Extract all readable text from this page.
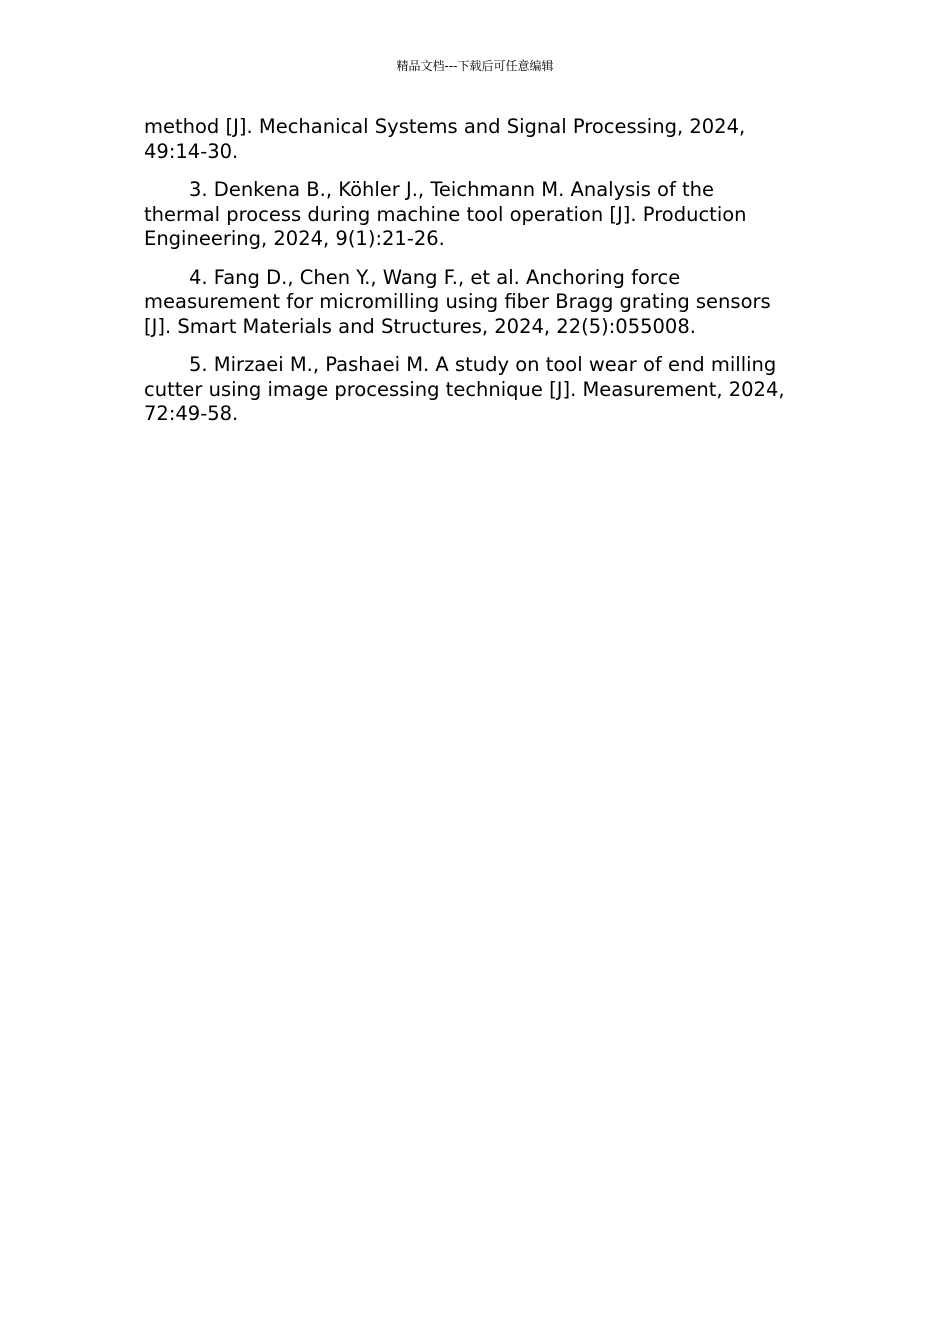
精品文档---下载后可任意编辑

method [J]. Mechanical Systems and Signal Processing, 2024, 49:14-30.

3. Denkena B., Köhler J., Teichmann M. Analysis of the thermal process during machine tool operation [J]. Production Engineering, 2024, 9(1):21-26.

4. Fang D., Chen Y., Wang F., et al. Anchoring force measurement for micromilling using fiber Bragg grating sensors [J]. Smart Materials and Structures, 2024, 22(5):055008.

5. Mirzaei M., Pashaei M. A study on tool wear of end milling cutter using image processing technique [J]. Measurement, 2024, 72:49-58.
